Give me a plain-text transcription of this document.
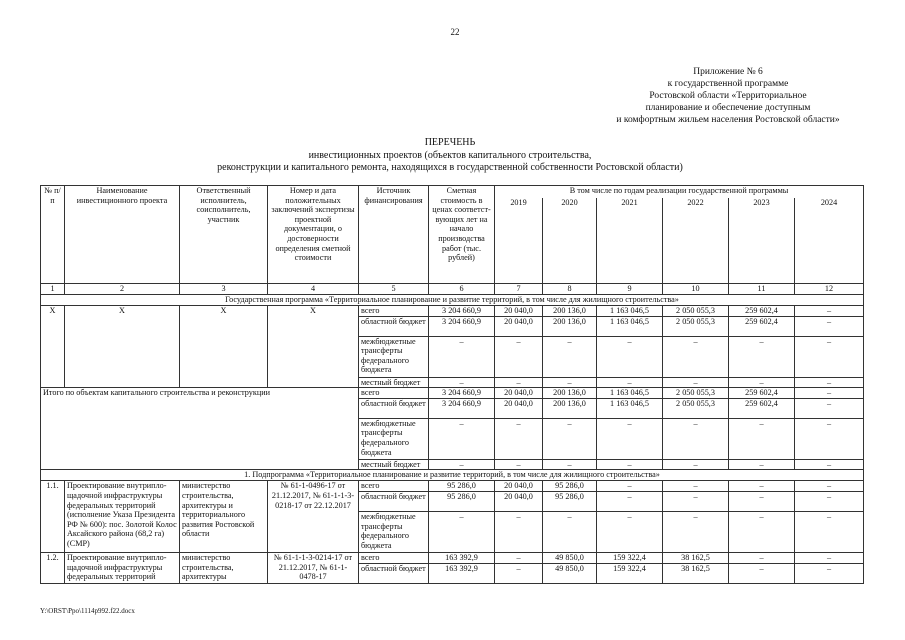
22
Приложение № 6
к государственной программе
Ростовской области «Территориальное
планирование и обеспечение доступным
и комфортным жильем населения Ростовской области»
ПЕРЕЧЕНЬ
инвестиционных проектов (объектов капитального строительства,
реконструкции и капитального ремонта, находящихся в государственной собственности Ростовской области)
№ п/п	Наименование инвестиционного проекта	Ответственный исполнитель, соисполнитель, участник	Номер и дата положительных заключений экспертизы проектной документации, о достоверности определения сметной стоимости	Источник финансирования	Сметная стоимость в ценах соответст-вующих лет на начало производства работ (тыс. рублей)	В том числе по годам реализации государственной программы					
						2019	2020	2021	2022	2023	2024
1	2	3	4	5	6	7	8	9	10	11	12
Государственная программа «Территориальное планирование и развитие территорий, в том числе для жилищного строительства»											
Х	Х	Х	Х	всего	3 204 660,9	20 040,0	200 136,0	1 163 046,5	2 050 055,3	259 602,4	–
				областной бюджет	3 204 660,9	20 040,0	200 136,0	1 163 046,5	2 050 055,3	259 602,4	–
				межбюджетные трансферты федерального бюджета	–	–	–	–	–	–	–
				местный бюджет	–	–	–	–	–	–	–
Итого по объектам капитального строительства и реконструкции				всего	3 204 660,9	20 040,0	200 136,0	1 163 046,5	2 050 055,3	259 602,4	–
				областной бюджет	3 204 660,9	20 040,0	200 136,0	1 163 046,5	2 050 055,3	259 602,4	–
				межбюджетные трансферты федерального бюджета	–	–	–	–	–	–	–
				местный бюджет	–	–	–	–	–	–	–
1. Подпрограмма «Территориальное планирование и развитие территорий, в том числе для жилищного строительства»											
1.1.	Проектирование внутрипло-щадочной инфраструктуры федеральных территорий (исполнение Указа Президента РФ № 600): пос. Золотой Колос Аксайского района (68,2 га) (СМР)	министерство строительства, архитектуры и территориального развития Ростовской области	№ 61-1-0496-17 от 21.12.2017, № 61-1-1-3-0218-17 от 22.12.2017	всего	95 286,0	20 040,0	95 286,0	–	–	–	–
				областной бюджет	95 286,0	20 040,0	95 286,0	–	–	–	–
				межбюджетные трансферты федерального бюджета	–	–	–	–	–	–	–
1.2.	Проектирование внутрипло-щадочной инфраструктуры федеральных территорий	министерство строительства, архитектуры	№ 61-1-1-3-0214-17 от 21.12.2017, № 61-1-0478-17	всего	163 392,9	–	49 850,0	159 322,4	38 162,5	–	–
				областной бюджет	163 392,9	–	49 850,0	159 322,4	38 162,5	–	–
Y:\ORST\Ppo\1114p992.f22.docx
